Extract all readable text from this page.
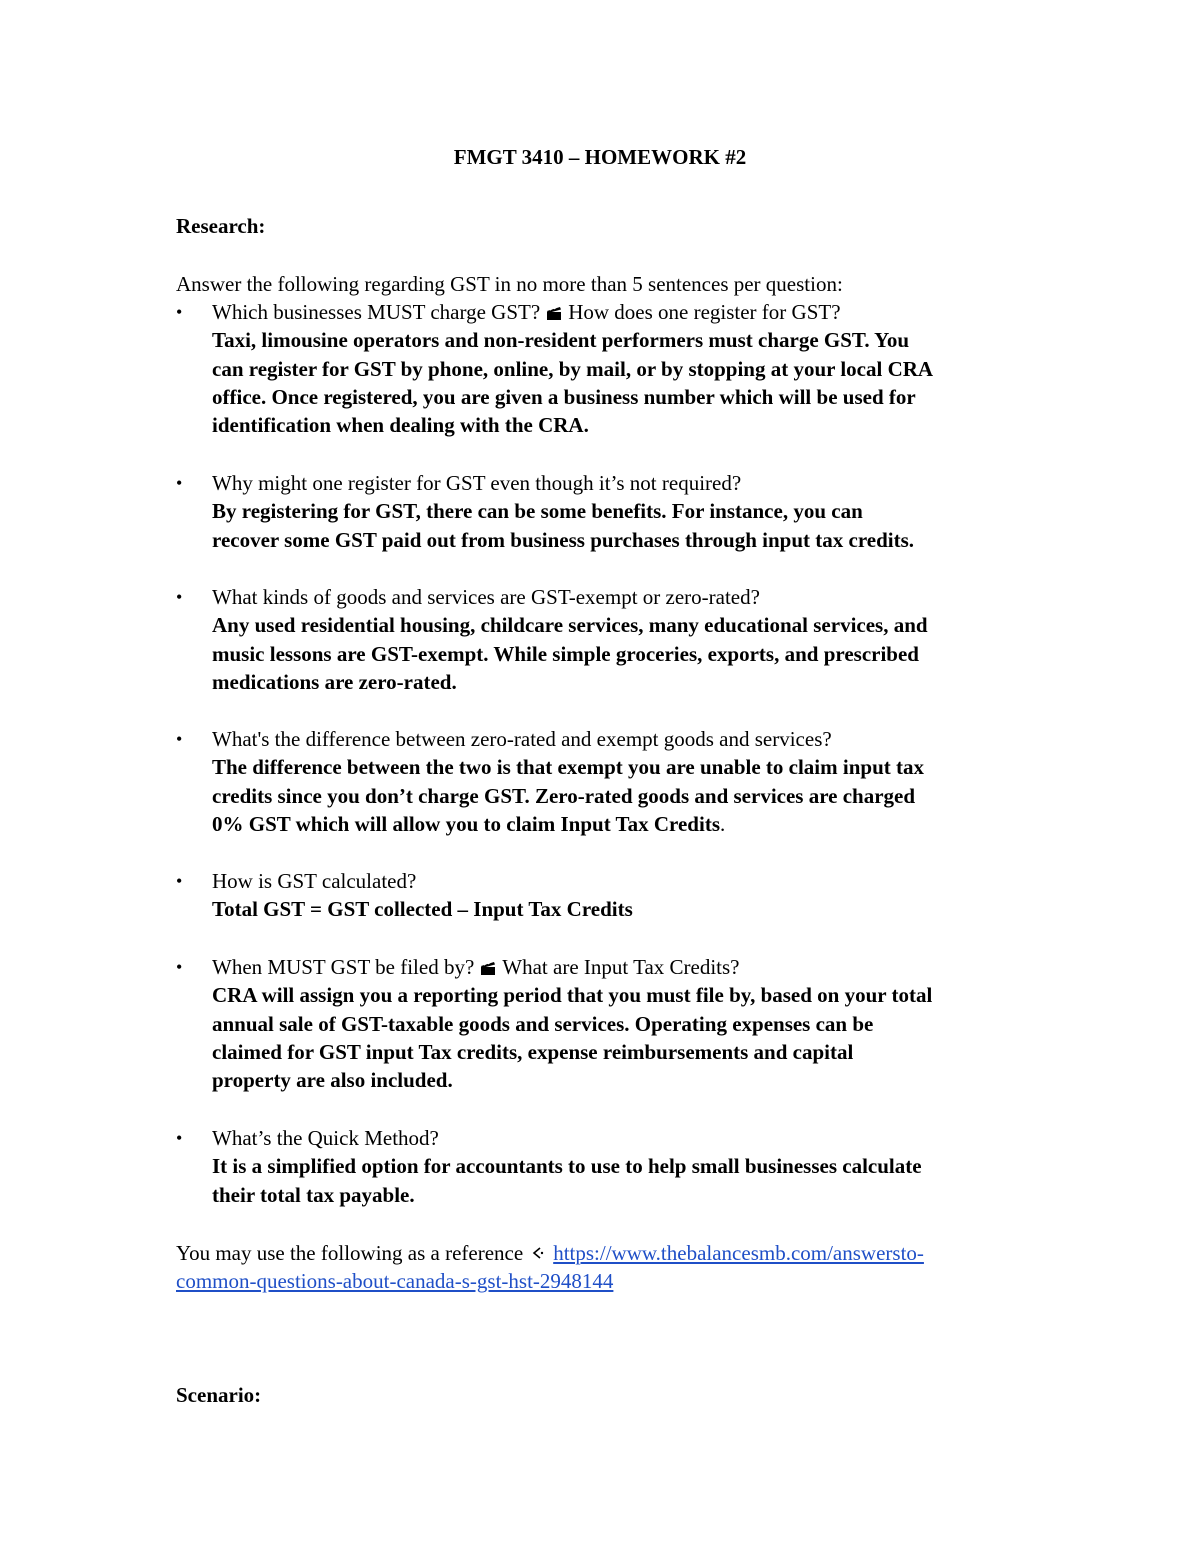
FMGT 3410 – HOMEWORK #2
Research:
Answer the following regarding GST in no more than 5 sentences per question:
• Which businesses MUST charge GST? How does one register for GST?
Taxi, limousine operators and non-resident performers must charge GST. You
can register for GST by phone, online, by mail, or by stopping at your local CRA
office. Once registered, you are given a business number which will be used for
identification when dealing with the CRA.
• Why might one register for GST even though it’s not required?
By registering for GST, there can be some benefits. For instance, you can
recover some GST paid out from business purchases through input tax credits.
• What kinds of goods and services are GST-exempt or zero-rated?
Any used residential housing, childcare services, many educational services, and
music lessons are GST-exempt. While simple groceries, exports, and prescribed
medications are zero-rated.
• What's the difference between zero-rated and exempt goods and services?
The difference between the two is that exempt you are unable to claim input tax
credits since you don’t charge GST. Zero-rated goods and services are charged
0% GST which will allow you to claim Input Tax Credits.
• How is GST calculated?
Total GST = GST collected – Input Tax Credits
• When MUST GST be filed by? What are Input Tax Credits?
CRA will assign you a reporting period that you must file by, based on your total
annual sale of GST-taxable goods and services. Operating expenses can be
claimed for GST input Tax credits, expense reimbursements and capital
property are also included.
• What’s the Quick Method?
It is a simplified option for accountants to use to help small businesses calculate
their total tax payable.
You may use the following as a reference https://www.thebalancesmb.com/answersto-
common-questions-about-canada-s-gst-hst-2948144
Scenario:
